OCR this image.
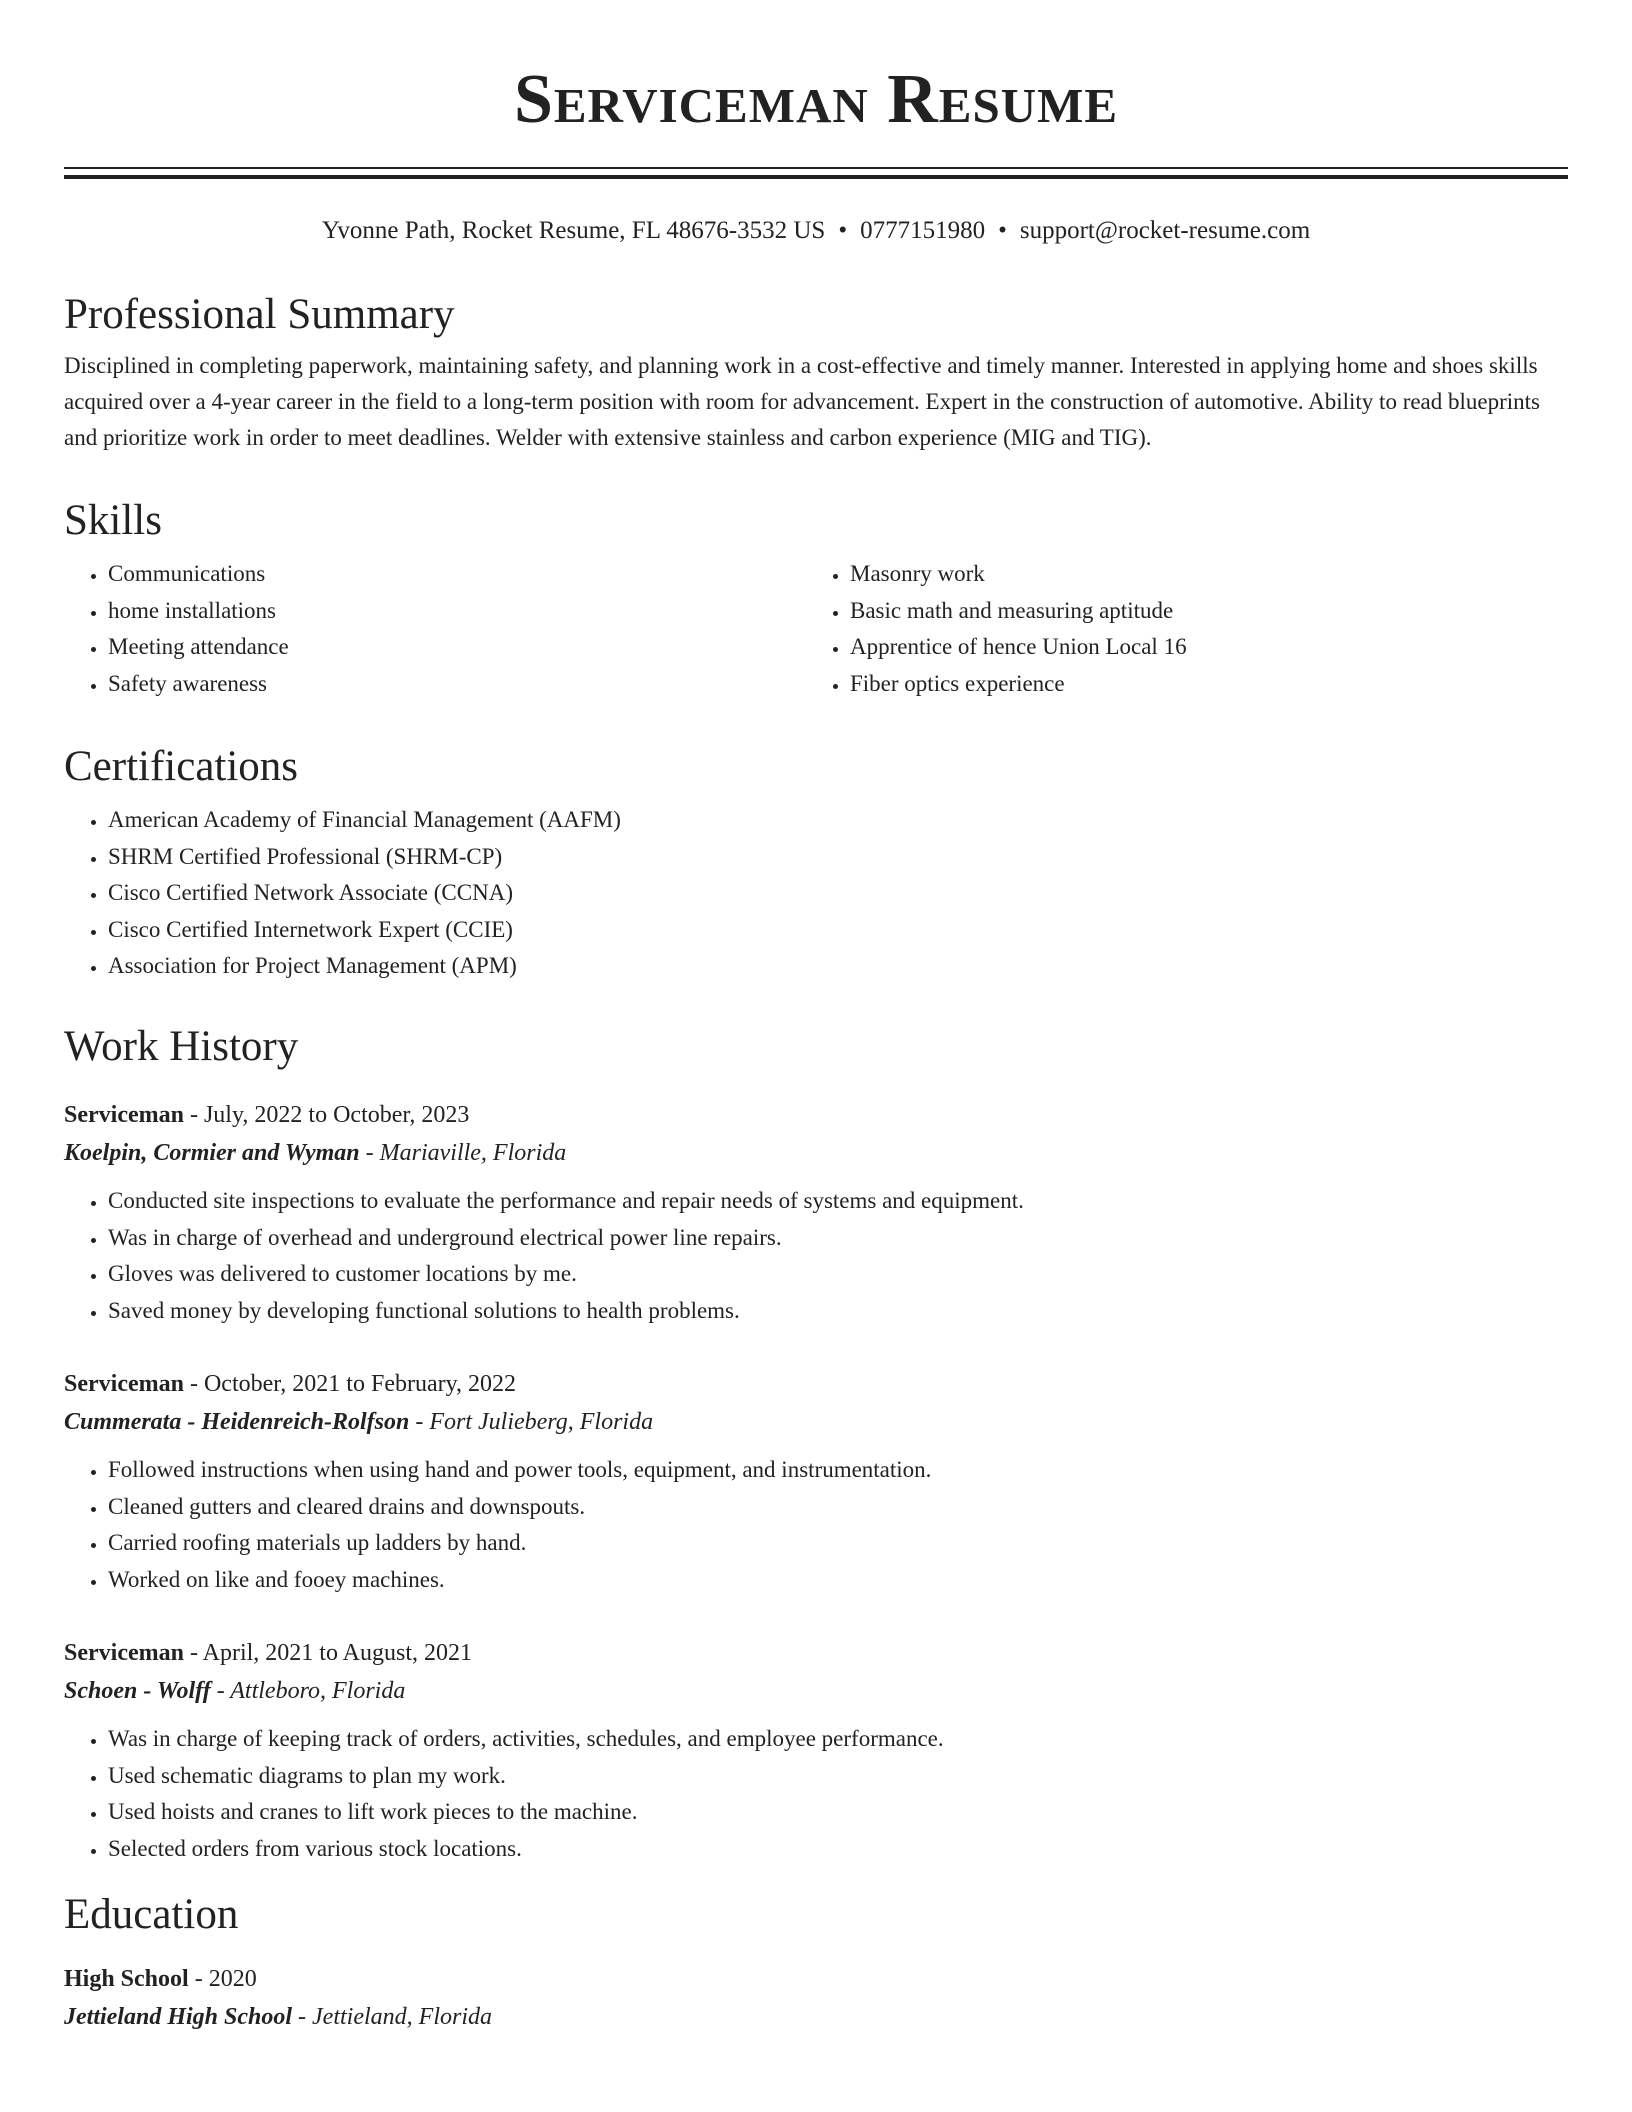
Serviceman Resume
Yvonne Path, Rocket Resume, FL 48676-3532 US • 0777151980 • support@rocket-resume.com
Professional Summary

Disciplined in completing paperwork, maintaining safety, and planning work in a cost-effective and timely manner. Interested in applying home and shoes skills acquired over a 4-year career in the field to a long-term position with room for advancement. Expert in the construction of automotive. Ability to read blueprints and prioritize work in order to meet deadlines. Welder with extensive stainless and carbon experience (MIG and TIG).

Skills
• Communications
• home installations
• Meeting attendance
• Safety awareness
• Masonry work
• Basic math and measuring aptitude
• Apprentice of hence Union Local 16
• Fiber optics experience
Certifications
• American Academy of Financial Management (AAFM)
• SHRM Certified Professional (SHRM-CP)
• Cisco Certified Network Associate (CCNA)
• Cisco Certified Internetwork Expert (CCIE)
• Association for Project Management (APM)
Work History

Serviceman - July, 2022 to October, 2023

Koelpin, Cormier and Wyman - Mariaville, Florida

• Conducted site inspections to evaluate the performance and repair needs of systems and equipment.
• Was in charge of overhead and underground electrical power line repairs.
• Gloves was delivered to customer locations by me.
• Saved money by developing functional solutions to health problems.

Serviceman - October, 2021 to February, 2022

Cummerata - Heidenreich-Rolfson - Fort Julieberg, Florida

• Followed instructions when using hand and power tools, equipment, and instrumentation.
• Cleaned gutters and cleared drains and downspouts.
• Carried roofing materials up ladders by hand.
• Worked on like and fooey machines.

Serviceman - April, 2021 to August, 2021

Schoen - Wolff - Attleboro, Florida

• Was in charge of keeping track of orders, activities, schedules, and employee performance.
• Used schematic diagrams to plan my work.
• Used hoists and cranes to lift work pieces to the machine.
• Selected orders from various stock locations.
Education

High School - 2020

Jettieland High School - Jettieland, Florida
